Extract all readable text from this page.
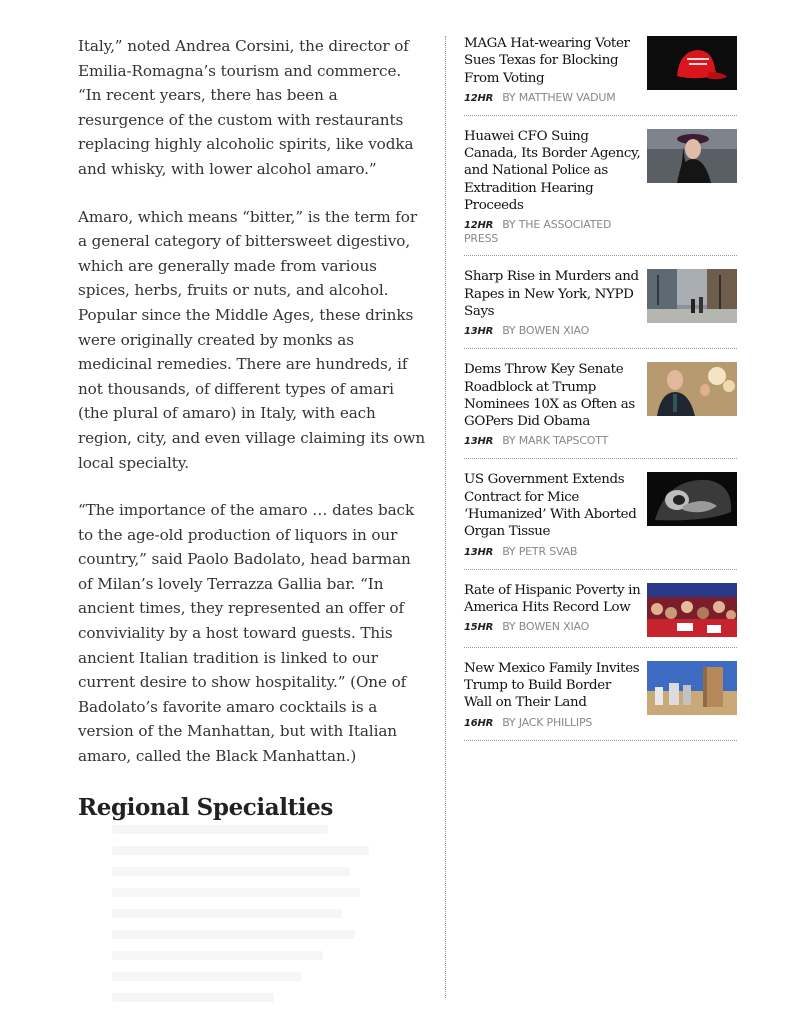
Italy,” noted Andrea Corsini, the director of Emilia-Romagna’s tourism and commerce. “In recent years, there has been a resurgence of the custom with restaurants replacing highly alcoholic spirits, like vodka and whisky, with lower alcohol amaro.”

Amaro, which means “bitter,” is the term for a general category of bittersweet digestivo, which are generally made from various spices, herbs, fruits or nuts, and alcohol. Popular since the Middle Ages, these drinks were originally created by monks as medicinal remedies. There are hundreds, if not thousands, of different types of amari (the plural of amaro) in Italy, with each region, city, and even village claiming its own local specialty.

“The importance of the amaro … dates back to the age-old production of liquors in our country,” said Paolo Badolato, head barman of Milan’s lovely Terrazza Gallia bar. “In ancient times, they represented an offer of conviviality by a host toward guests. This ancient Italian tradition is linked to our current desire to show hospitality.” (One of Badolato’s favorite amaro cocktails is a version of the Manhattan, but with Italian amaro, called the Black Manhattan.)

Regional Specialties
MAGA Hat-wearing Voter Sues Texas for Blocking From Voting
12HR BY MATTHEW VADUM
Huawei CFO Suing Canada, Its Border Agency, and National Police as Extradition Hearing Proceeds
12HR BY THE ASSOCIATED PRESS
Sharp Rise in Murders and Rapes in New York, NYPD Says
13HR BY BOWEN XIAO
Dems Throw Key Senate Roadblock at Trump Nominees 10X as Often as GOPers Did Obama
13HR BY MARK TAPSCOTT
US Government Extends Contract for Mice ‘Humanized’ With Aborted Organ Tissue
13HR BY PETR SVAB
Rate of Hispanic Poverty in America Hits Record Low
15HR BY BOWEN XIAO
New Mexico Family Invites Trump to Build Border Wall on Their Land
16HR BY JACK PHILLIPS
